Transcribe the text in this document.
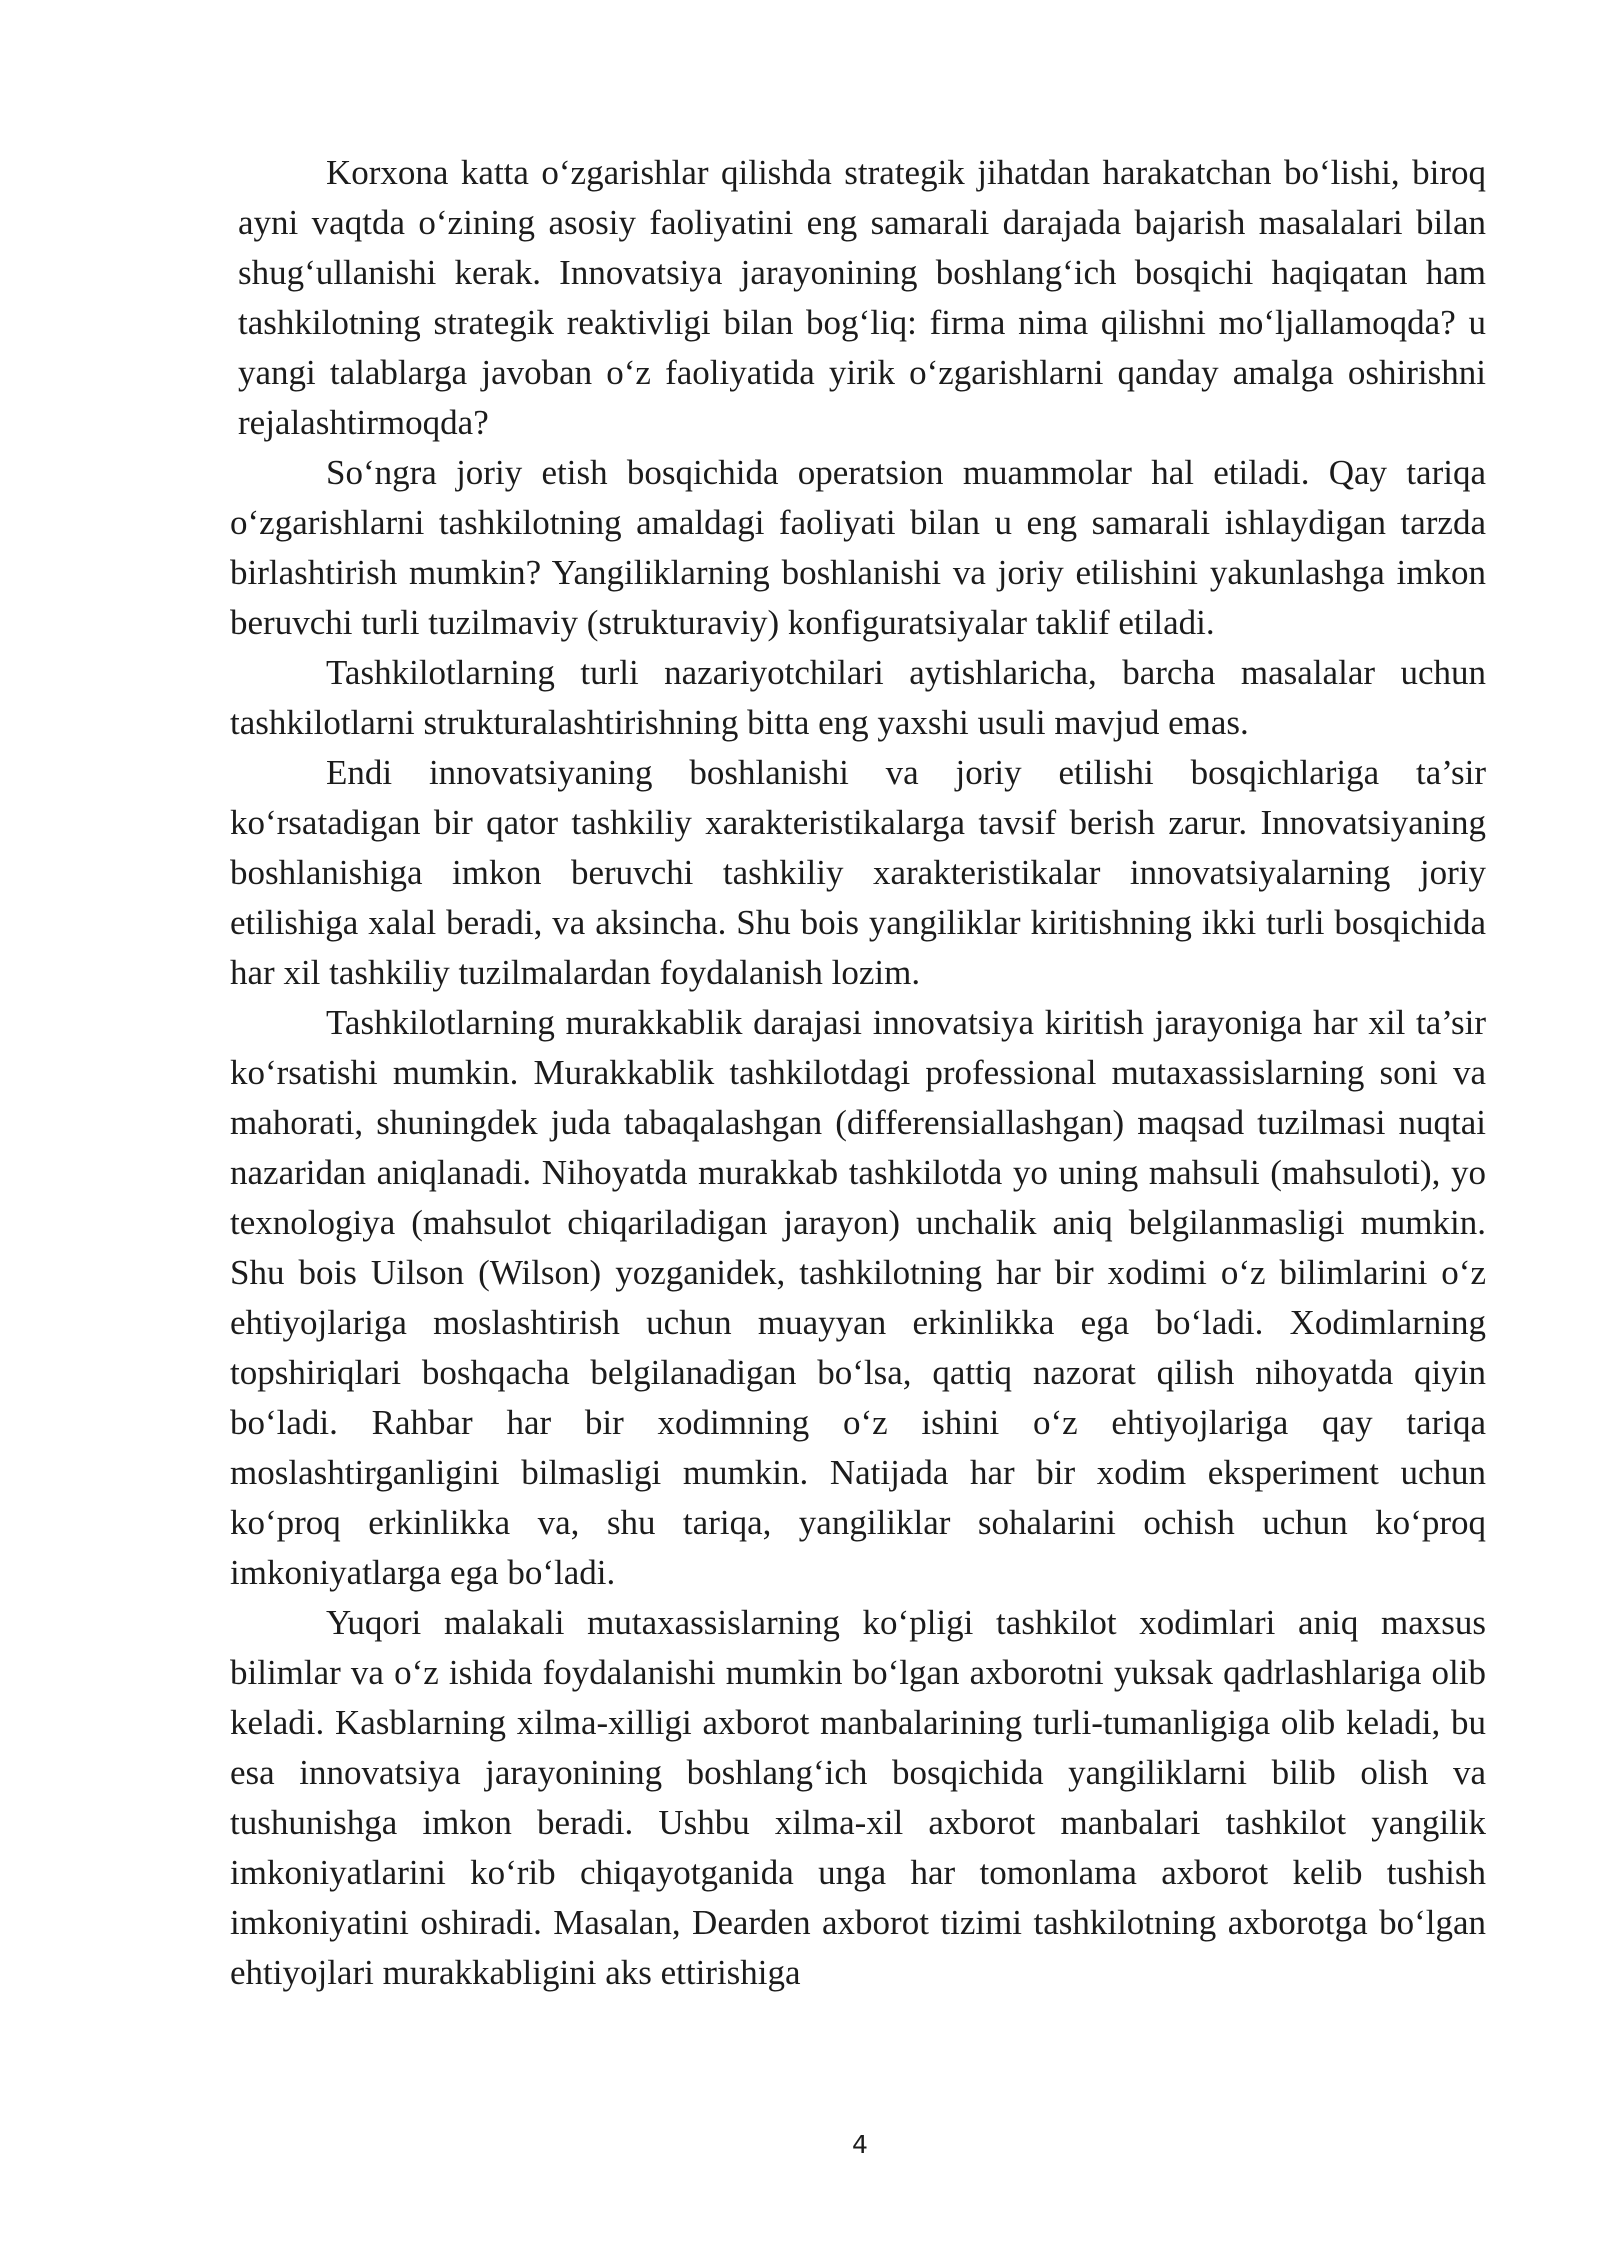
Korxona katta o‘zgarishlar qilishda strategik jihatdan harakatchan bo‘lishi, biroq ayni vaqtda o‘zining asosiy faoliyatini eng samarali darajada bajarish masalalari bilan shug‘ullanishi kerak. Innovatsiya jarayonining boshlang‘ich bosqichi haqiqatan ham tashkilotning strategik reaktivligi bilan bog‘liq: firma nima qilishni mo‘ljallamoqda? u yangi talablarga javoban o‘z faoliyatida yirik o‘zgarishlarni qanday amalga oshirishni rejalashtirmoqda?

So‘ngra joriy etish bosqichida operatsion muammolar hal etiladi. Qay tariqa o‘zgarishlarni tashkilotning amaldagi faoliyati bilan u eng samarali ishlaydigan tarzda birlashtirish mumkin? Yangiliklarning boshlanishi va joriy etilishini yakunlashga imkon beruvchi turli tuzilmaviy (strukturaviy) konfiguratsiyalar taklif etiladi.

Tashkilotlarning turli nazariyotchilari aytishlaricha, barcha masalalar uchun tashkilotlarni strukturalashtirishning bitta eng yaxshi usuli mavjud emas.

Endi innovatsiyaning boshlanishi va joriy etilishi bosqichlariga ta’sir ko‘rsatadigan bir qator tashkiliy xarakteristikalarga tavsif berish zarur. Innovatsiyaning boshlanishiga imkon beruvchi tashkiliy xarakteristikalar innovatsiyalarning joriy etilishiga xalal beradi, va aksincha. Shu bois yangiliklar kiritishning ikki turli bosqichida har xil tashkiliy tuzilmalardan foydalanish lozim.

Tashkilotlarning murakkablik darajasi innovatsiya kiritish jarayoniga har xil ta’sir ko‘rsatishi mumkin. Murakkablik tashkilotdagi professional mutaxassislarning soni va mahorati, shuningdek juda tabaqalashgan (differensiallashgan) maqsad tuzilmasi nuqtai nazaridan aniqlanadi. Nihoyatda murakkab tashkilotda yo uning mahsuli (mahsuloti), yo texnologiya (mahsulot chiqariladigan jarayon) unchalik aniq belgilanmasligi mumkin. Shu bois Uilson (Wilson) yozganidek, tashkilotning har bir xodimi o‘z bilimlarini o‘z ehtiyojlariga moslashtirish uchun muayyan erkinlikka ega bo‘ladi. Xodimlarning topshiriqlari boshqacha belgilanadigan bo‘lsa, qattiq nazorat qilish nihoyatda qiyin bo‘ladi. Rahbar har bir xodimning o‘z ishini o‘z ehtiyojlariga qay tariqa moslashtirganligini bilmasligi mumkin. Natijada har bir xodim eksperiment uchun ko‘proq erkinlikka va, shu tariqa, yangiliklar sohalarini ochish uchun ko‘proq imkoniyatlarga ega bo‘ladi.

Yuqori malakali mutaxassislarning ko‘pligi tashkilot xodimlari aniq maxsus bilimlar va o‘z ishida foydalanishi mumkin bo‘lgan axborotni yuksak qadrlashlariga olib keladi. Kasblarning xilma-xilligi axborot manbalarining turli-tumanligiga olib keladi, bu esa innovatsiya jarayonining boshlang‘ich bosqichida yangiliklarni bilib olish va tushunishga imkon beradi. Ushbu xilma-xil axborot manbalari tashkilot yangilik imkoniyatlarini ko‘rib chiqayotganida unga har tomonlama axborot kelib tushish imkoniyatini oshiradi. Masalan, Dearden axborot tizimi tashkilotning axborotga bo‘lgan ehtiyojlari murakkabligini aks ettirishiga

4
